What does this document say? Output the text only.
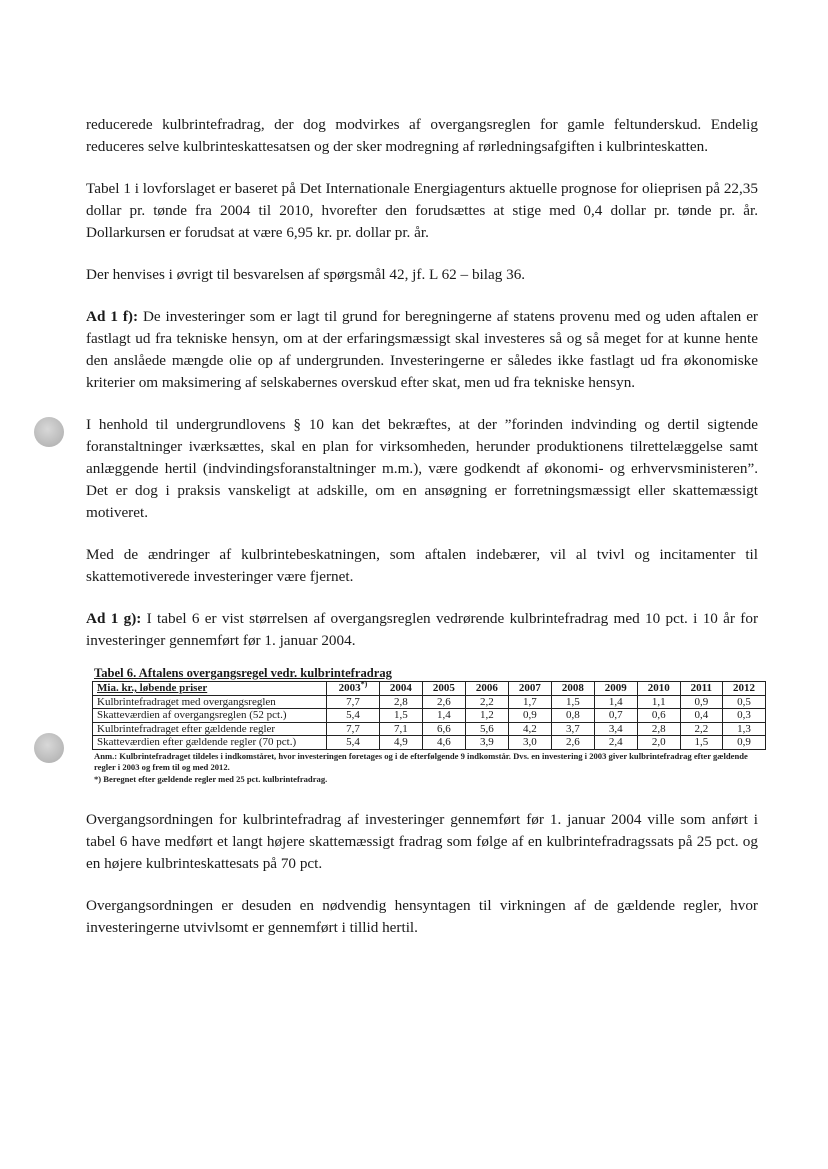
reducerede kulbrintefradrag, der dog modvirkes af overgangsreglen for gamle feltunderskud. Endelig reduceres selve kulbrinteskattesatsen og der sker modregning af rørledningsafgiften i kulbrinteskatten.

Tabel 1 i lovforslaget er baseret på Det Internationale Energiagenturs aktuelle prognose for olieprisen på 22,35 dollar pr. tønde fra 2004 til 2010, hvorefter den forudsættes at stige med 0,4 dollar pr. tønde pr. år. Dollarkursen er forudsat at være 6,95 kr. pr. dollar pr. år.

Der henvises i øvrigt til besvarelsen af spørgsmål 42, jf. L 62 – bilag 36.

Ad 1 f): De investeringer som er lagt til grund for beregningerne af statens provenu med og uden aftalen er fastlagt ud fra tekniske hensyn, om at der erfaringsmæssigt skal investeres så og så meget for at kunne hente den anslåede mængde olie op af undergrunden. Investeringerne er således ikke fastlagt ud fra økonomiske kriterier om maksimering af selskabernes overskud efter skat, men ud fra tekniske hensyn.

I henhold til undergrundlovens § 10 kan det bekræftes, at der ”forinden indvinding og dertil sigtende foranstaltninger iværksættes, skal en plan for virksomheden, herunder produktionens tilrettelæggelse samt anlæggende hertil (indvindingsforanstaltninger m.m.), være godkendt af økonomi- og erhvervsministeren”. Det er dog i praksis vanskeligt at adskille, om en ansøgning er forretningsmæssigt eller skattemæssigt motiveret.

Med de ændringer af kulbrintebeskatningen, som aftalen indebærer, vil al tvivl og incitamenter til skattemotiverede investeringer være fjernet.

Ad 1 g): I tabel 6 er vist størrelsen af overgangsreglen vedrørende kulbrintefradrag med 10 pct. i 10 år for investeringer gennemført før 1. januar 2004.

Tabel 6. Aftalens overgangsregel vedr. kulbrintefradrag
Mia. kr., løbende priser	2003*)	2004	2005	2006	2007	2008	2009	2010	2011	2012
Kulbrintefradraget med overgangsreglen	7,7	2,8	2,6	2,2	1,7	1,5	1,4	1,1	0,9	0,5
Skatteværdien af overgangsreglen (52 pct.)	5,4	1,5	1,4	1,2	0,9	0,8	0,7	0,6	0,4	0,3
Kulbrintefradraget efter gældende regler	7,7	7,1	6,6	5,6	4,2	3,7	3,4	2,8	2,2	1,3
Skatteværdien efter gældende regler (70 pct.)	5,4	4,9	4,6	3,9	3,0	2,6	2,4	2,0	1,5	0,9
Anm.: Kulbrintefradraget tildeles i indkomståret, hvor investeringen foretages og i de efterfølgende 9 indkomstår. Dvs. en investering i 2003 giver kulbrintefradrag efter gældende regler i 2003 og frem til og med 2012.
*) Beregnet efter gældende regler med 25 pct. kulbrintefradrag.

Overgangsordningen for kulbrintefradrag af investeringer gennemført før 1. januar 2004 ville som anført i tabel 6 have medført et langt højere skattemæssigt fradrag som følge af en kulbrintefradragssats på 25 pct. og en højere kulbrinteskattesats på 70 pct.

Overgangsordningen er desuden en nødvendig hensyntagen til virkningen af de gældende regler, hvor investeringerne utvivlsomt er gennemført i tillid hertil.
